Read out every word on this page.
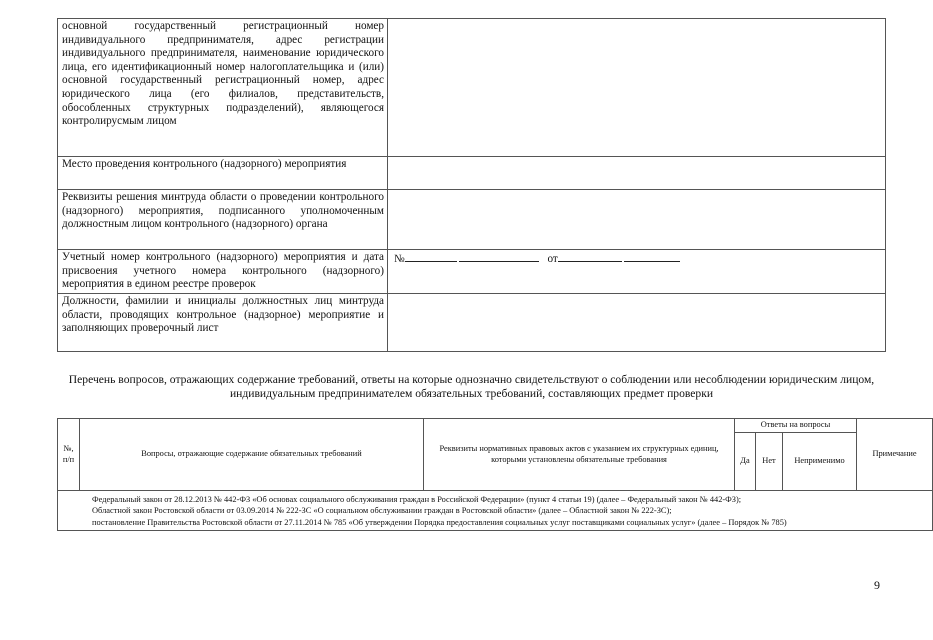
основной государственный регистрационный номер индивидуального предпринимателя, адрес регистрации индивидуального предпринимателя, наименование юридического лица, его идентификационный номер налогоплательщика и (или) основной государственный регистрационный номер, адрес юридического лица (его филиалов, представительств, обособленных структурных подразделений), являющегося контролирусмым лицом	
Место проведения контрольного (надзорного) мероприятия	
Реквизиты решения минтруда области о проведении контрольного (надзорного) мероприятия, подписанного уполномоченным должностным лицом контрольного (надзорного) органа	
Учетный номер контрольного (надзорного) мероприятия и дата присвоения учетного номера контрольного (надзорного) мероприятия в едином реестре проверок	№ от
Должности, фамилии и инициалы должностных лиц минтруда области, проводящих контрольное (надзорное) мероприятие и заполняющих проверочный лист	
Перечень вопросов, отражающих содержание требований, ответы на которые однозначно свидетельствуют о соблюдении или несоблюдении юридическим лицом, индивидуальным предпринимателем обязательных требований, составляющих предмет проверки
№, п/п	Вопросы, отражающие содержание обязательных требований	Реквизиты нормативных правовых актов с указанием их структурных единиц, которыми установлены обязательные требования	Ответы на вопросы			Примечание
			Да	Нет	Неприменимо	

Федеральный закон от 28.12.2013 № 442-ФЗ «Об основах социального обслуживания граждан в Российской Федерации» (пункт 4 статьи 19) (далее – Федеральный закон № 442-ФЗ);

Областной закон Ростовской области от 03.09.2014 № 222-ЗС «О социальном обслуживании граждан в Ростовской области» (далее – Областной закон № 222-ЗС);

постановление Правительства Ростовской области от 27.11.2014 № 785 «Об утверждении Порядка предоставления социальных услуг поставщиками социальных услуг» (далее – Порядок № 785)						

9
